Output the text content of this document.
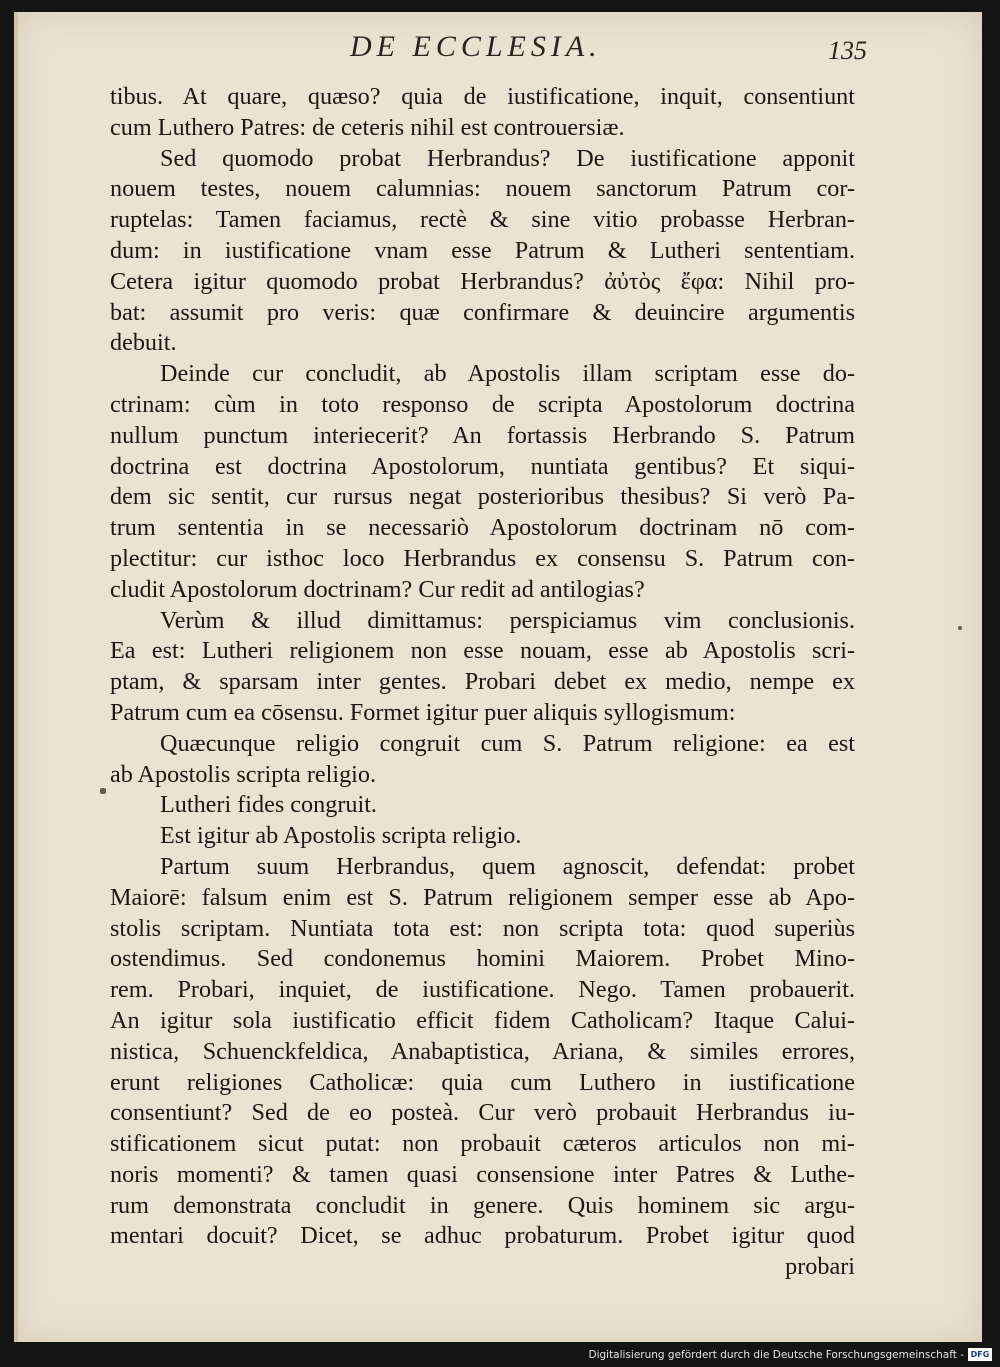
DE ECCLESIA.	135
tibus. At quare, quæso? quia de iustificatione, inquit, consentiunt
cum Luthero Patres: de ceteris nihil est controuersiæ.
Sed quomodo probat Herbrandus? De iustificatione apponit
nouem testes, nouem calumnias: nouem sanctorum Patrum cor-
ruptelas: Tamen faciamus, rectè & sine vitio probasse Herbran-
dum: in iustificatione vnam esse Patrum & Lutheri sententiam.
Cetera igitur quomodo probat Herbrandus? ἀὐτὸς ἔφα: Nihil pro-
bat: assumit pro veris: quæ confirmare & deuincire argumentis
debuit.
Deinde cur concludit, ab Apostolis illam scriptam esse do-
ctrinam: cùm in toto responso de scripta Apostolorum doctrina
nullum punctum interiecerit? An fortassis Herbrando S. Patrum
doctrina est doctrina Apostolorum, nuntiata gentibus? Et siqui-
dem sic sentit, cur rursus negat posterioribus thesibus? Si verò Pa-
trum sententia in se necessariò Apostolorum doctrinam nō com-
plectitur: cur isthoc loco Herbrandus ex consensu S. Patrum con-
cludit Apostolorum doctrinam? Cur redit ad antilogias?
Verùm & illud dimittamus: perspiciamus vim conclusionis.
Ea est: Lutheri religionem non esse nouam, esse ab Apostolis scri-
ptam, & sparsam inter gentes. Probari debet ex medio, nempe ex
Patrum cum ea cōsensu. Formet igitur puer aliquis syllogismum:
Quæcunque religio congruit cum S. Patrum religione: ea est
ab Apostolis scripta religio.
Lutheri fides congruit.
Est igitur ab Apostolis scripta religio.
Partum suum Herbrandus, quem agnoscit, defendat: probet
Maiorē: falsum enim est S. Patrum religionem semper esse ab Apo-
stolis scriptam. Nuntiata tota est: non scripta tota: quod superiùs
ostendimus. Sed condonemus homini Maiorem. Probet Mino-
rem. Probari, inquiet, de iustificatione. Nego. Tamen probauerit.
An igitur sola iustificatio efficit fidem Catholicam? Itaque Calui-
nistica, Schuenckfeldica, Anabaptistica, Ariana, & similes errores,
erunt religiones Catholicæ: quia cum Luthero in iustificatione
consentiunt? Sed de eo posteà. Cur verò probauit Herbrandus iu-
stificationem sicut putat: non probauit cæteros articulos non mi-
noris momenti? & tamen quasi consensione inter Patres & Luthe-
rum demonstrata concludit in genere. Quis hominem sic argu-
mentari docuit? Dicet, se adhuc probaturum. Probet igitur quod
probari
Digitalisierung gefördert durch die Deutsche Forschungsgemeinschaft - DFG
